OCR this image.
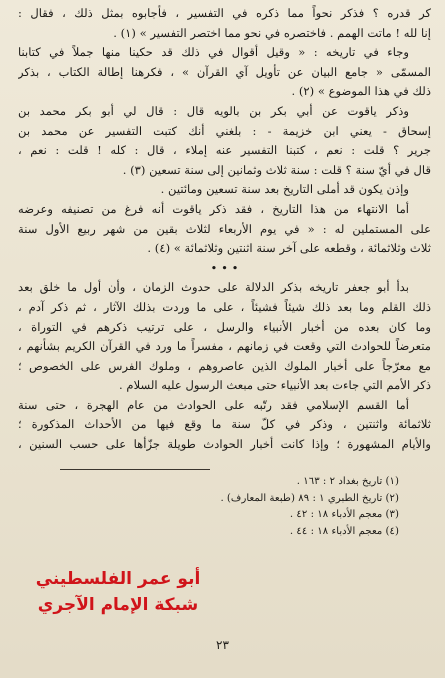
كر قدره ؟ فذكر نحواً مما ذكره في التفسير ، فأجابوه بمثل ذلك ، فقال :
إنا لله ! ماتت الهمم . فاختصره في نحو مما اختصر التفسير » (١) .
وجاء في تاريخه : « وقيل أقوال في ذلك قد حكينا منها جملاً في كتابنا
المسمّى « جامع البيان عن تأويل آي القرآن » ، فكرهنا إطالة الكتاب ، بذكر
ذلك في هذا الموضوع » (٢) .
وذكر ياقوت عن أبي بكر بن بالويه قال : قال لي أبو بكر محمد بن
إسحاق - يعني ابن خزيمة - : بلغني أنك كتبت التفسير عن محمد بن
جرير ؟ قلت : نعم ، كتبنا التفسير عنه إملاء ، قال : كله ! قلت : نعم ،
قال في أيّ سنة ؟ قلت : سنة ثلاث وثمانين إلى سنة تسعين (٣) .
وإذن يكون قد أملى التاريخ بعد سنة تسعين ومائتين .
أما الانتهاء من هذا التاريخ ، فقد ذكر ياقوت أنه فرغ من تصنيفه وعرضه
على المستملين له : « في يوم الأربعاء لثلاث بقين من شهر ربيع الأول سنة
ثلاث وثلاثمائة ، وقطعه على آخر سنة اثنتين وثلاثمائة » (٤) .
• • •
بدأ أبو جعفر تاريخه بذكر الدلالة على حدوث الزمان ، وأن أول ما خلق بعد
ذلك القلم وما بعد ذلك شيئاً فشيئاً ، على ما وردت بذلك الآثار ، ثم ذكر آدم ،
وما كان بعده من أخبار الأنبياء والرسل ، على ترتيب ذكرهم في التوراة ،
متعرضاً للحوادث التي وقعت في زمانهم ، مفسراً ما ورد في القرآن الكريم بشأنهم ،
مع معرّجاً على أخبار الملوك الذين عاصروهم ، وملوك الفرس على الخصوص ؛
ذكر الأمم التي جاءت بعد الأنبياء حتى مبعث الرسول عليه السلام .
أما القسم الإسلامي فقد رتّبه على الحوادث من عام الهجرة ، حتى سنة
ثلاثمائة واثنتين ، وذكر في كلّ سنة ما وقع فيها من الأحداث المذكورة ؛
والأيام المشهورة ؛ وإذا كانت أخبار الحوادث طويلة جزّأها على حسب السنين ،
(١) تاريخ بغداد ٢ : ١٦٣ .
(٢) تاريخ الطبري ١ : ٨٩ (طبعة المعارف) .
(٣) معجم الأدباء ١٨ : ٤٢ .
(٤) معجم الأدباء ١٨ : ٤٤ .
أبو عمر الفلسطيني
شبكة الإمام الآجري
٢٣
